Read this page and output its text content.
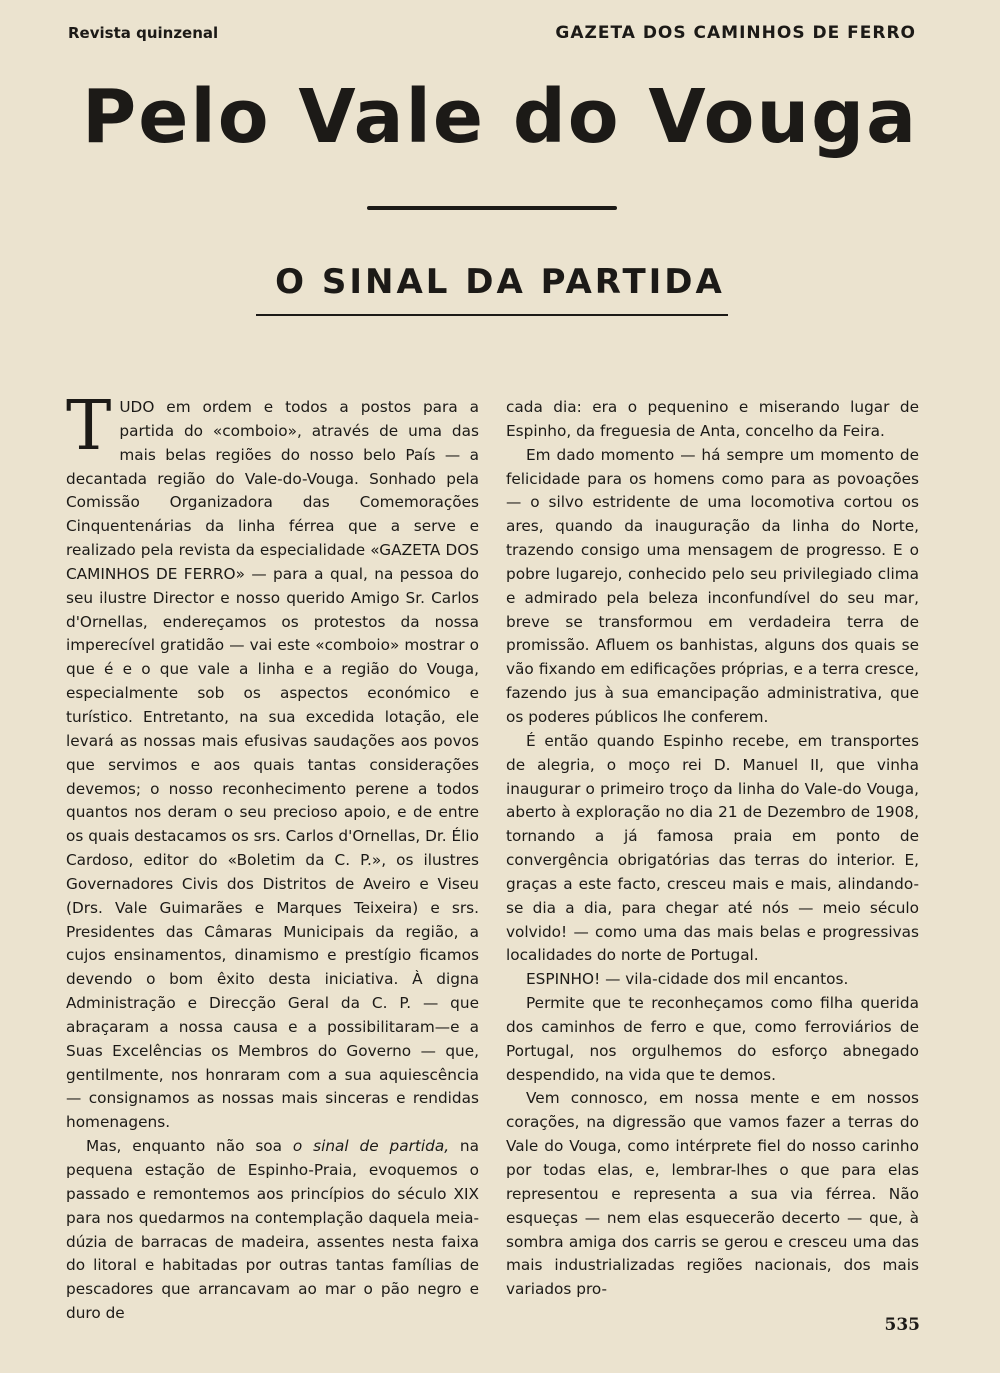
Revista quinzenal	GAZETA DOS CAMINHOS DE FERRO
Pelo Vale do Vouga
O SINAL DA PARTIDA

TUDO em ordem e todos a postos para a partida do «comboio», através de uma das mais belas regiões do nosso belo País — a decantada região do Vale-do-Vouga. Sonhado pela Comissão Organizadora das Comemorações Cinquentenárias da linha férrea que a serve e realizado pela revista da especialidade «GAZETA DOS CAMINHOS DE FERRO» — para a qual, na pessoa do seu ilustre Director e nosso querido Amigo Sr. Carlos d'Ornellas, endereçamos os protestos da nossa imperecível gratidão — vai este «comboio» mostrar o que é e o que vale a linha e a região do Vouga, especialmente sob os aspectos económico e turístico. Entretanto, na sua excedida lotação, ele levará as nossas mais efusivas saudações aos povos que servimos e aos quais tantas considerações devemos; o nosso reconhecimento perene a todos quantos nos deram o seu precioso apoio, e de entre os quais destacamos os srs. Carlos d'Ornellas, Dr. Élio Cardoso, editor do «Boletim da C. P.», os ilustres Governadores Civis dos Distritos de Aveiro e Viseu (Drs. Vale Guimarães e Marques Teixeira) e srs. Presidentes das Câmaras Municipais da região, a cujos ensinamentos, dinamismo e prestígio ficamos devendo o bom êxito desta iniciativa. À digna Administração e Direcção Geral da C. P. — que abraçaram a nossa causa e a possibilitaram—e a Suas Excelências os Membros do Governo — que, gentilmente, nos honraram com a sua aquiescência — consignamos as nossas mais sinceras e rendidas homenagens.

Mas, enquanto não soa o sinal de partida, na pequena estação de Espinho-Praia, evoquemos o passado e remontemos aos princípios do século XIX para nos quedarmos na contemplação daquela meia-dúzia de barracas de madeira, assentes nesta faixa do litoral e habitadas por outras tantas famílias de pescadores que arrancavam ao mar o pão negro e duro de

cada dia: era o pequenino e miserando lugar de Espinho, da freguesia de Anta, concelho da Feira.

Em dado momento — há sempre um momento de felicidade para os homens como para as povoações — o silvo estridente de uma locomotiva cortou os ares, quando da inauguração da linha do Norte, trazendo consigo uma mensagem de progresso. E o pobre lugarejo, conhecido pelo seu privilegiado clima e admirado pela beleza inconfundível do seu mar, breve se transformou em verdadeira terra de promissão. Afluem os banhistas, alguns dos quais se vão fixando em edificações próprias, e a terra cresce, fazendo jus à sua emancipação administrativa, que os poderes públicos lhe conferem.

É então quando Espinho recebe, em transportes de alegria, o moço rei D. Manuel II, que vinha inaugurar o primeiro troço da linha do Vale-do Vouga, aberto à exploração no dia 21 de Dezembro de 1908, tornando a já famosa praia em ponto de convergência obrigatórias das terras do interior. E, graças a este facto, cresceu mais e mais, alindando-se dia a dia, para chegar até nós — meio século volvido! — como uma das mais belas e progressivas localidades do norte de Portugal.

ESPINHO! — vila-cidade dos mil encantos.

Permite que te reconheçamos como filha querida dos caminhos de ferro e que, como ferroviários de Portugal, nos orgulhemos do esforço abnegado despendido, na vida que te demos.

Vem connosco, em nossa mente e em nossos corações, na digressão que vamos fazer a terras do Vale do Vouga, como intérprete fiel do nosso carinho por todas elas, e, lembrar-lhes o que para elas representou e representa a sua via férrea. Não esqueças — nem elas esquecerão decerto — que, à sombra amiga dos carris se gerou e cresceu uma das mais industrializadas regiões nacionais, dos mais variados pro-

535
